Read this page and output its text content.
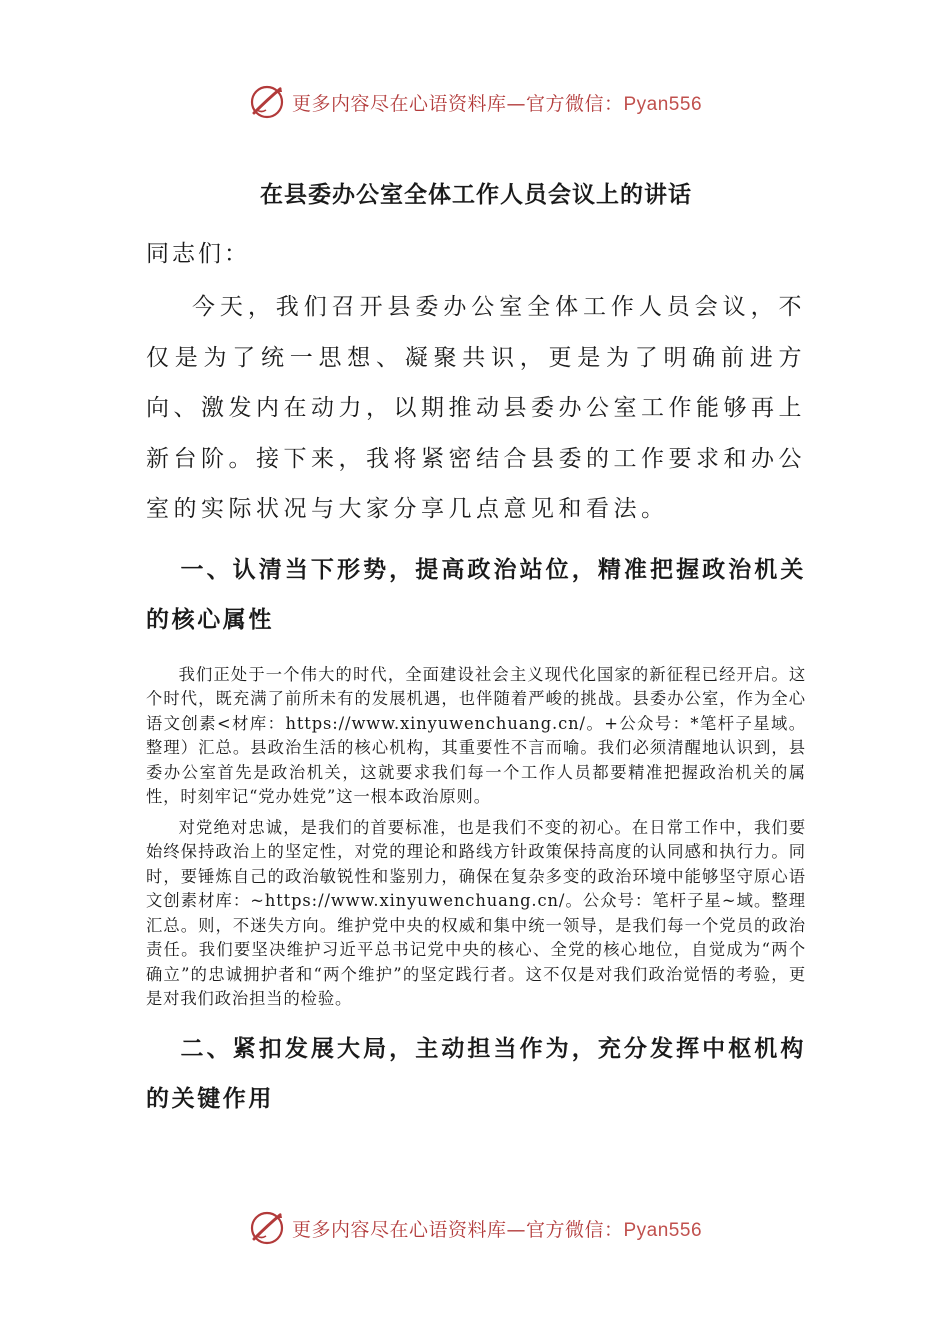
更多内容尽在心语资料库—官方微信：Pyan556
在县委办公室全体工作人员会议上的讲话
同志们：

今天，我们召开县委办公室全体工作人员会议，不仅是为了统一思想、凝聚共识，更是为了明确前进方向、激发内在动力，以期推动县委办公室工作能够再上新台阶。接下来，我将紧密结合县委的工作要求和办公室的实际状况与大家分享几点意见和看法。

一、认清当下形势，提高政治站位，精准把握政治机关的核心属性

我们正处于一个伟大的时代，全面建设社会主义现代化国家的新征程已经开启。这个时代，既充满了前所未有的发展机遇，也伴随着严峻的挑战。县委办公室，作为全心语文创素<材库：https://www.xinyuwenchuang.cn/。+公众号：*笔杆子星域。整理）汇总。县政治生活的核心机构，其重要性不言而喻。我们必须清醒地认识到，县委办公室首先是政治机关，这就要求我们每一个工作人员都要精准把握政治机关的属性，时刻牢记“党办姓党”这一根本政治原则。

对党绝对忠诚，是我们的首要标准，也是我们不变的初心。在日常工作中，我们要始终保持政治上的坚定性，对党的理论和路线方针政策保持高度的认同感和执行力。同时，要锤炼自己的政治敏锐性和鉴别力，确保在复杂多变的政治环境中能够坚守原心语文创素材库：~https://www.xinyuwenchuang.cn/。公众号：笔杆子星~域。整理汇总。则，不迷失方向。维护党中央的权威和集中统一领导，是我们每一个党员的政治责任。我们要坚决维护习近平总书记党中央的核心、全党的核心地位，自觉成为“两个确立”的忠诚拥护者和“两个维护”的坚定践行者。这不仅是对我们政治觉悟的考验，更是对我们政治担当的检验。

二、紧扣发展大局，主动担当作为，充分发挥中枢机构的关键作用

更多内容尽在心语资料库—官方微信：Pyan556
